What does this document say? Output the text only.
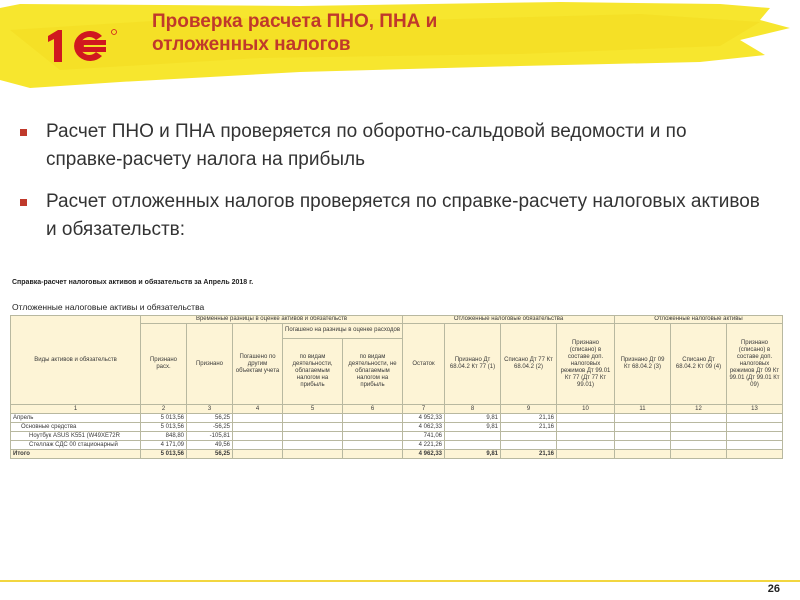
Проверка расчета ПНО, ПНА и
отложенных налогов
Расчет ПНО и ПНА проверяется по оборотно-сальдовой ведомости и по справке-расчету налога на прибыль
Расчет отложенных налогов проверяется по справке-расчету налоговых активов и обязательств:
Справка-расчет налоговых активов и обязательств за Апрель 2018 г.
Отложенные налоговые активы и обязательства
Виды активов и обязательств	Временные разницы в оценке активов и обязательств					Отложенные налоговые обязательства				Отложенные налоговые активы		
	Признано расх.	Признано	Погашено по другим объектам учета	Погашено на разницы в оценке расходов		Остаток	Признано Дт 68.04.2 Кт 77 (1)	Списано Дт 77 Кт 68.04.2 (2)	Признано (списано) в составе доп. налоговых режимов Дт 99.01 Кт 77 (Дт 77 Кт 99.01)	Признано Дт 09 Кт 68.04.2 (3)	Списано Дт 68.04.2 Кт 09 (4)	Признано (списано) в составе доп. налоговых режимов Дт 09 Кт 99.01 (Дт 99.01 Кт 09)
				по видам деятельности, облагаемым налогом на прибыль	по видам деятельности, не облагаемым налогом на прибыль							
1	2	3	4	5	6	7	8	9	10	11	12	13
Апрель	5 013,56	56,25				4 952,33	9,81	21,16				
Основные средства	5 013,56	-56,25				4 062,33	9,81	21,16				
Ноутбук ASUS K551 (W49XE72R	848,80	-105,81				741,06						
Стеллаж СДС 00 стационарный	4 171,09	49,56				4 221,26						
Итого	5 013,56	56,25				4 962,33	9,81	21,16				
26
